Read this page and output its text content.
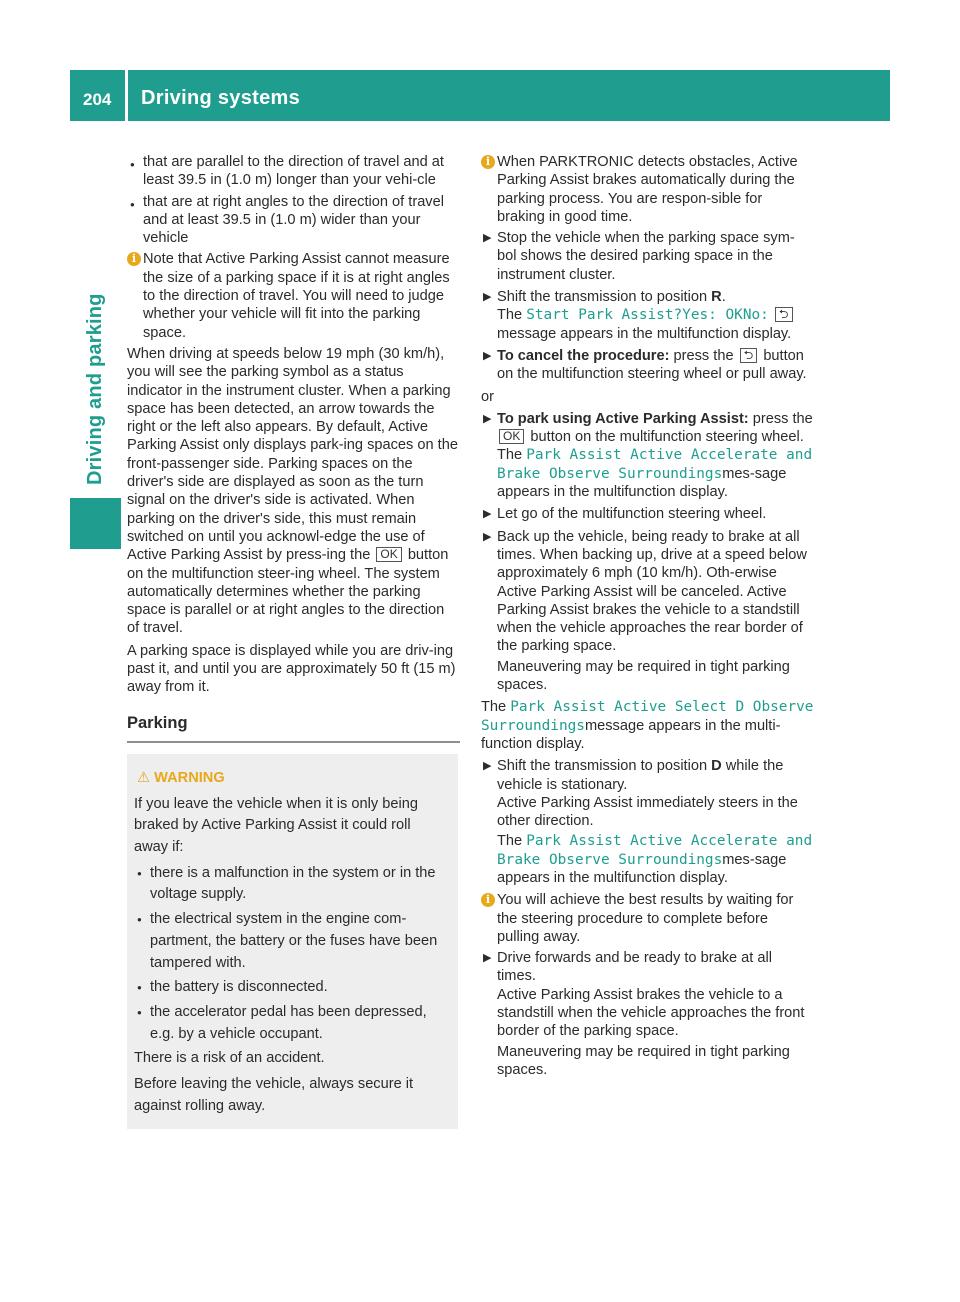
204 Driving systems
Driving and parking
● that are parallel to the direction of travel and at least 39.5 in (1.0 m) longer than your vehi-cle
● that are at right angles to the direction of travel and at least 39.5 in (1.0 m) wider than your vehicle
i Note that Active Parking Assist cannot measure the size of a parking space if it is at right angles to the direction of travel. You will need to judge whether your vehicle will fit into the parking space.

When driving at speeds below 19 mph (30 km/h), you will see the parking symbol as a status indicator in the instrument cluster. When a parking space has been detected, an arrow towards the right or the left also appears. By default, Active Parking Assist only displays park-ing spaces on the front-passenger side. Parking spaces on the driver's side are displayed as soon as the turn signal on the driver's side is activated. When parking on the driver's side, this must remain switched on until you acknowl-edge the use of Active Parking Assist by press-ing the OK button on the multifunction steer-ing wheel. The system automatically determines whether the parking space is parallel or at right angles to the direction of travel.

A parking space is displayed while you are driv-ing past it, and until you are approximately 50 ft (15 m) away from it.

Parking
⚠ WARNING

If you leave the vehicle when it is only being braked by Active Parking Assist it could roll away if:

● there is a malfunction in the system or in the voltage supply.
● the electrical system in the engine com-partment, the battery or the fuses have been tampered with.
● the battery is disconnected.
● the accelerator pedal has been depressed, e.g. by a vehicle occupant.

There is a risk of an accident.

Before leaving the vehicle, always secure it against rolling away.

i When PARKTRONIC detects obstacles, Active Parking Assist brakes automatically during the parking process. You are respon-sible for braking in good time.
▶ Stop the vehicle when the parking space sym-bol shows the desired parking space in the instrument cluster.
▶ Shift the transmission to position R.
The Start Park Assist?Yes: OKNo: ⮌ message appears in the multifunction display.
▶ To cancel the procedure: press the ⮌ button on the multifunction steering wheel or pull away.

or

▶ To park using Active Parking Assist: press the OK button on the multifunction steering wheel.
The Park Assist Active Accelerate and Brake Observe Surroundingsmes-sage appears in the multifunction display.
▶ Let go of the multifunction steering wheel.
▶ Back up the vehicle, being ready to brake at all times. When backing up, drive at a speed below approximately 6 mph (10 km/h). Oth-erwise Active Parking Assist will be canceled. Active Parking Assist brakes the vehicle to a standstill when the vehicle approaches the rear border of the parking space.

Maneuvering may be required in tight parking spaces.

The Park Assist Active Select D Observe Surroundingsmessage appears in the multi-function display.

▶ Shift the transmission to position D while the vehicle is stationary.
Active Parking Assist immediately steers in the other direction.

The Park Assist Active Accelerate and Brake Observe Surroundingsmes-sage appears in the multifunction display.

i You will achieve the best results by waiting for the steering procedure to complete before pulling away.
▶ Drive forwards and be ready to brake at all times.
Active Parking Assist brakes the vehicle to a standstill when the vehicle approaches the front border of the parking space.

Maneuvering may be required in tight parking spaces.
